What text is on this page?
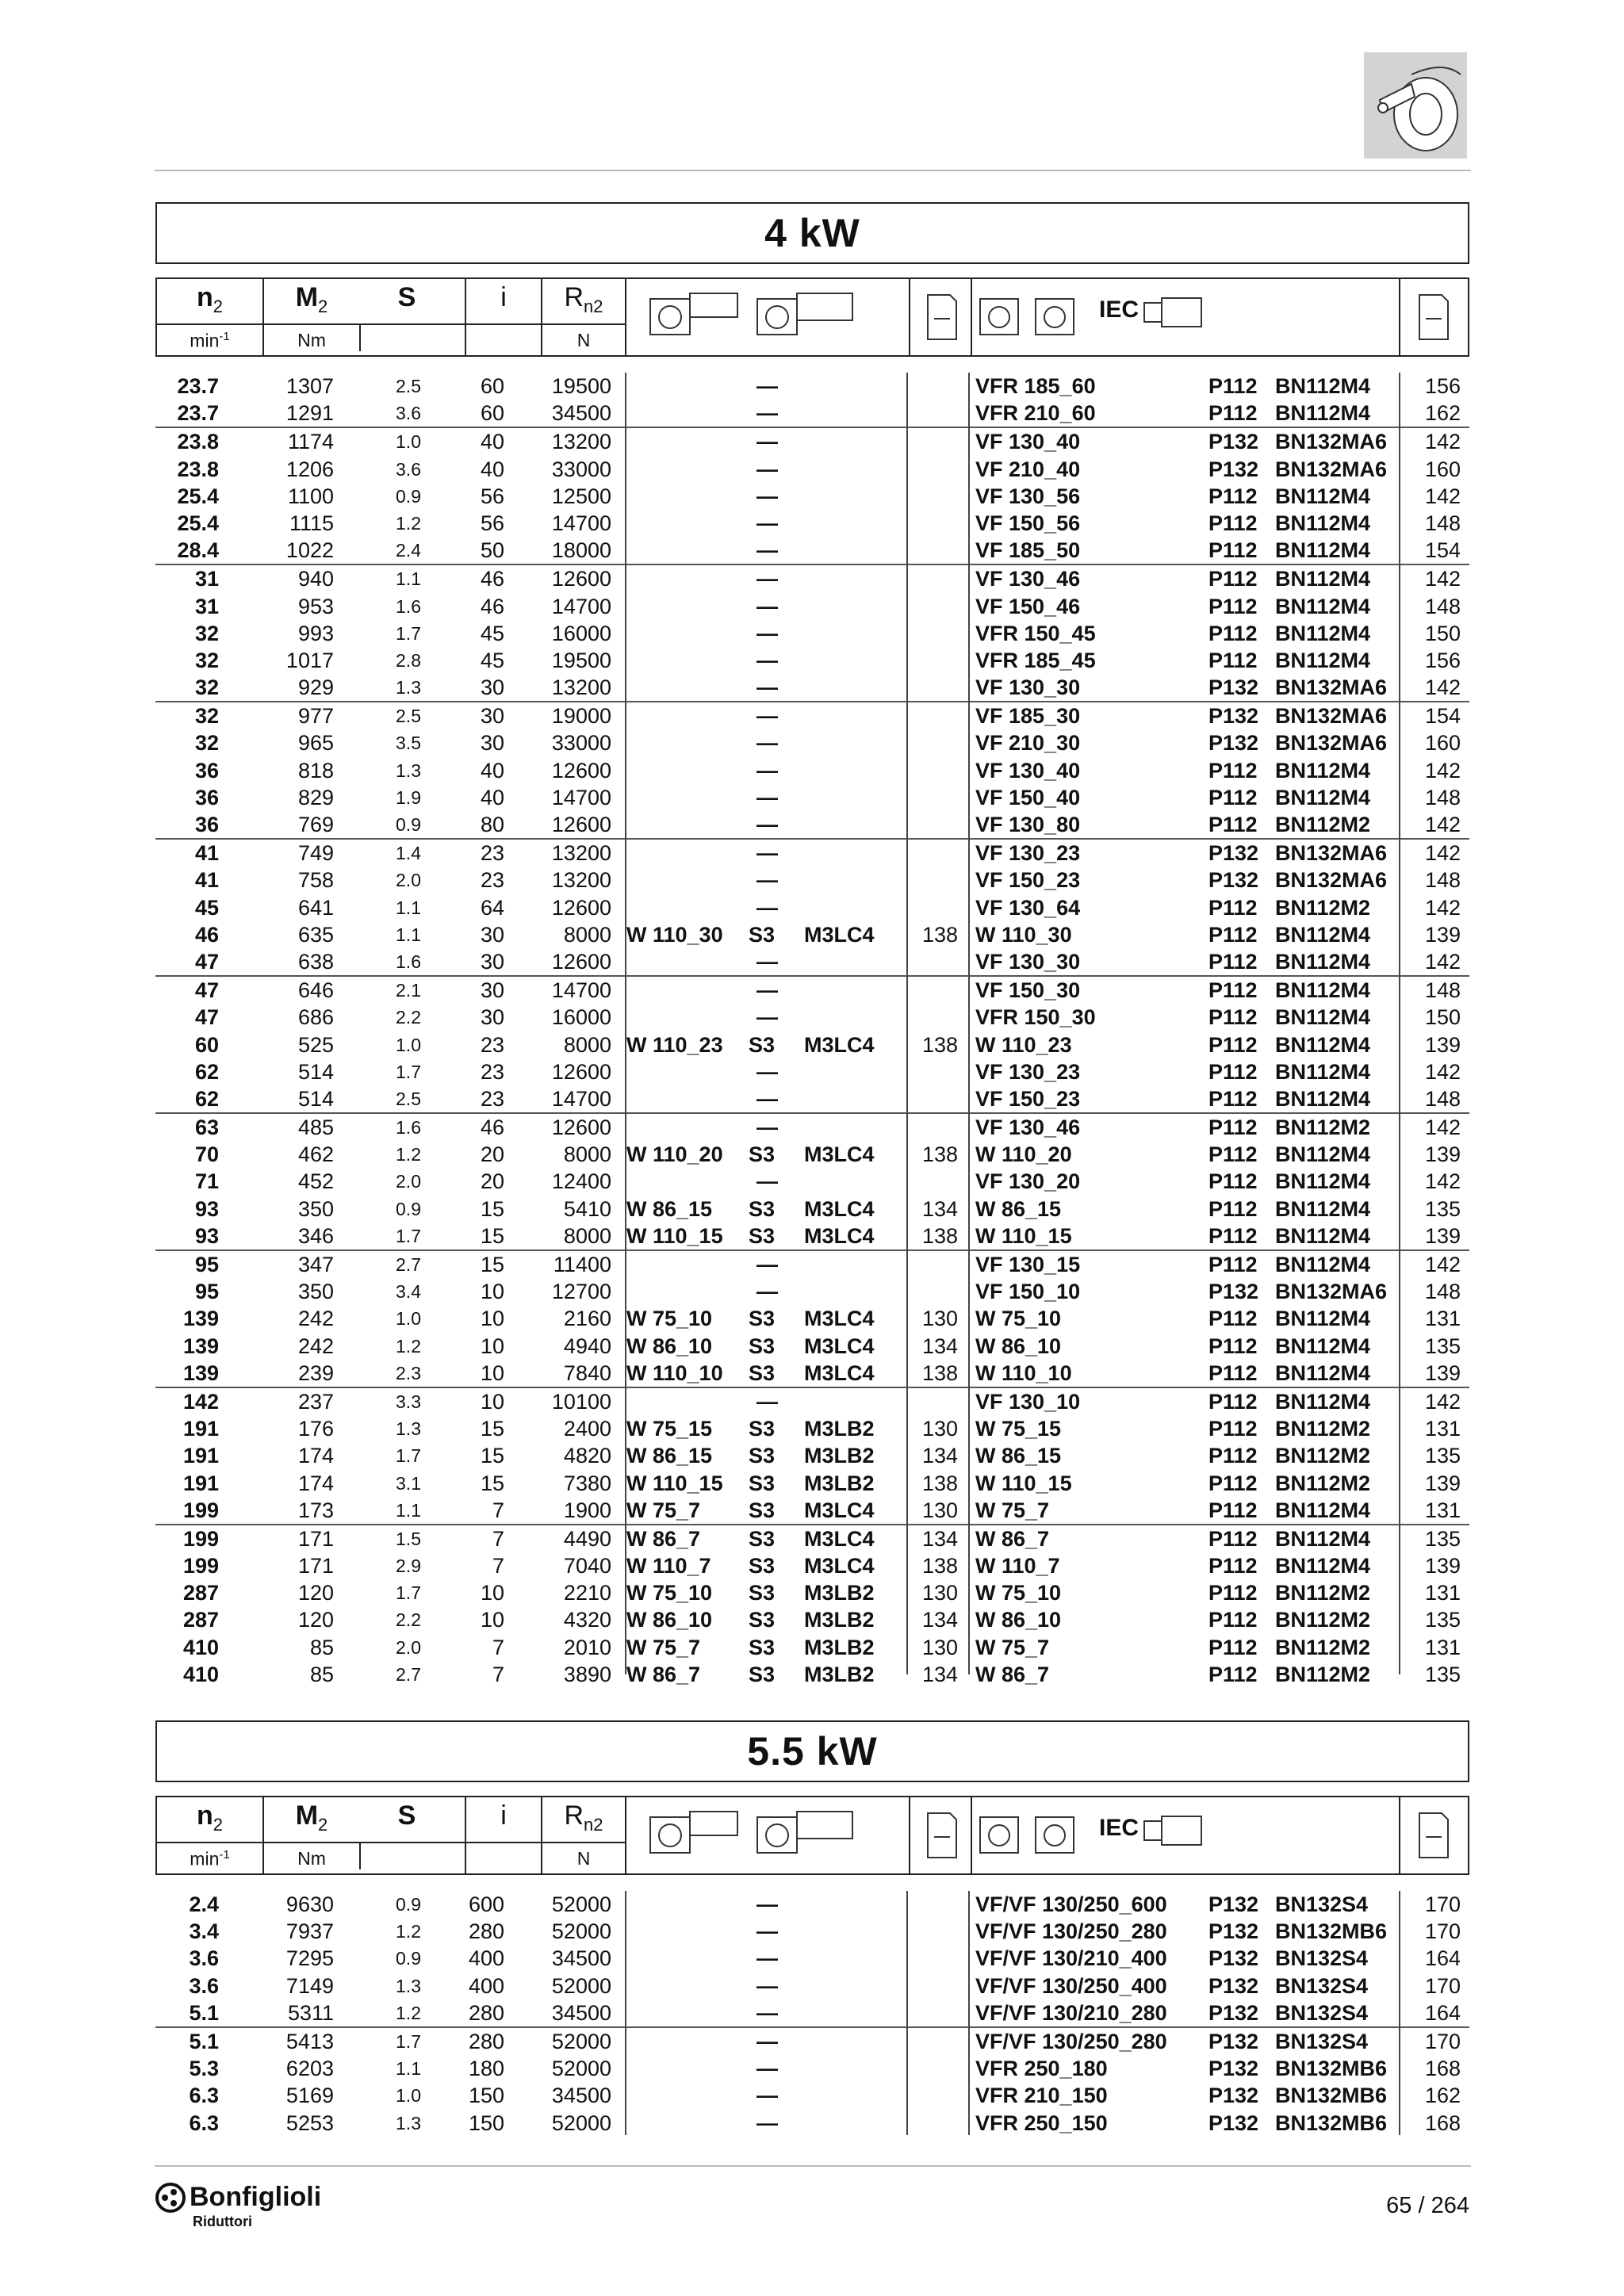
4 kW
$n_2$
$\min^{-1}$
$M_2$
Nm
S	i	$R_{n2}$
N
IEC
23.7	1307	2.5	60	19500	—	VFR 185_60	P112 BN112M4	156
23.7	1291	3.6	60	34500	—	VFR 210_60	P112 BN112M4	162
23.8	1174	1.0	40	13200	—	VF 130_40	P132 BN132MA6	142
23.8	1206	3.6	40	33000	—	VF 210_40	P132 BN132MA6	160
25.4	1100	0.9	56	12500	—	VF 130_56	P112 BN112M4	142
25.4	1115	1.2	56	14700	—	VF 150_56	P112 BN112M4	148
28.4	1022	2.4	50	18000	—	VF 185_50	P112 BN112M4	154
31	940	1.1	46	12600	—	VF 130_46	P112 BN112M4	142
31	953	1.6	46	14700	—	VF 150_46	P112 BN112M4	148
32	993	1.7	45	16000	—	VFR 150_45	P112 BN112M4	150
32	1017	2.8	45	19500	—	VFR 185_45	P112 BN112M4	156
32	929	1.3	30	13200	—	VF 130_30	P132 BN132MA6	142
32	977	2.5	30	19000	—	VF 185_30	P132 BN132MA6	154
32	965	3.5	30	33000	—	VF 210_30	P132 BN132MA6	160
36	818	1.3	40	12600	—	VF 130_40	P112 BN112M4	142
36	829	1.9	40	14700	—	VF 150_40	P112 BN112M4	148
36	769	0.9	80	12600	—	VF 130_80	P112 BN112M2	142
41	749	1.4	23	13200	—	VF 130_23	P132 BN132MA6	142
41	758	2.0	23	13200	—	VF 150_23	P132 BN132MA6	148
45	641	1.1	64	12600	—	VF 130_64	P112 BN112M2	142
46	635	1.1	30	8000 W 110_30	S3	M3LC4	138 W 110_30	P112 BN112M4	139
47	638	1.6	30	12600	—	VF 130_30	P112 BN112M4	142
47	646	2.1	30	14700	—	VF 150_30	P112 BN112M4	148
47	686	2.2	30	16000	—	VFR 150_30	P112 BN112M4	150
60	525	1.0	23	8000 W 110_23	S3	M3LC4	138 W 110_23	P112 BN112M4	139
62	514	1.7	23	12600	—	VF 130_23	P112 BN112M4	142
62	514	2.5	23	14700	—	VF 150_23	P112 BN112M4	148
63	485	1.6	46	12600	—	VF 130_46	P112 BN112M2	142
70	462	1.2	20	8000 W 110_20	S3	M3LC4	138 W 110_20	P112 BN112M4	139
71	452	2.0	20	12400	—	VF 130_20	P112 BN112M4	142
93	350	0.9	15	5410 W 86_15	S3	M3LC4	134 W 86_15	P112 BN112M4	135
93	346	1.7	15	8000 W 110_15	S3	M3LC4	138 W 110_15	P112 BN112M4	139
95	347	2.7	15	11400	—	VF 130_15	P112 BN112M4	142
95	350	3.4	10	12700	—	VF 150_10	P132 BN132MA6	148
139	242	1.0	10	2160 W 75_10	S3	M3LC4	130 W 75_10	P112 BN112M4	131
139	242	1.2	10	4940 W 86_10	S3	M3LC4	134 W 86_10	P112 BN112M4	135
139	239	2.3	10	7840 W 110_10	S3	M3LC4	138 W 110_10	P112 BN112M4	139
142	237	3.3	10	10100	—	VF 130_10	P112 BN112M4	142
191	176	1.3	15	2400 W 75_15	S3	M3LB2	130 W 75_15	P112 BN112M2	131
191	174	1.7	15	4820 W 86_15	S3	M3LB2	134 W 86_15	P112 BN112M2	135
191	174	3.1	15	7380 W 110_15	S3	M3LB2	138 W 110_15	P112 BN112M2	139
199	173	1.1	7	1900 W 75_7	S3	M3LC4	130 W 75_7	P112 BN112M4	131
199	171	1.5	7	4490 W 86_7	S3	M3LC4	134 W 86_7	P112 BN112M4	135
199	171	2.9	7	7040 W 110_7	S3	M3LC4	138 W 110_7	P112 BN112M4	139
287	120	1.7	10	2210 W 75_10	S3	M3LB2	130 W 75_10	P112 BN112M2	131
287	120	2.2	10	4320 W 86_10	S3	M3LB2	134 W 86_10	P112 BN112M2	135
410	85	2.0	7	2010 W 75_7	S3	M3LB2	130 W 75_7	P112 BN112M2	131
410	85	2.7	7	3890 W 86_7	S3	M3LB2	134 W 86_7	P112 BN112M2	135
5.5 kW
$n_2$
$\min^{-1}$
$M_2$
Nm
S	i	$R_{n2}$
N
IEC
2.4	9630	0.9	600	52000	—	VF/VF 130/250_600	P132 BN132S4	170
3.4	7937	1.2	280	52000	—	VF/VF 130/250_280	P132 BN132MB6	170
3.6	7295	0.9	400	34500	—	VF/VF 130/210_400	P132 BN132S4	164
3.6	7149	1.3	400	52000	—	VF/VF 130/250_400	P132 BN132S4	170
5.1	5311	1.2	280	34500	—	VF/VF 130/210_280	P132 BN132S4	164
5.1	5413	1.7	280	52000	—	VF/VF 130/250_280	P132 BN132S4	170
5.3	6203	1.1	180	52000	—	VFR 250_180	P132 BN132MB6	168
6.3	5169	1.0	150	34500	—	VFR 210_150	P132 BN132MB6	162
6.3	5253	1.3	150	52000	—	VFR 250_150	P132 BN132MB6	168
Bonfiglioli
Riduttori
65 / 264
